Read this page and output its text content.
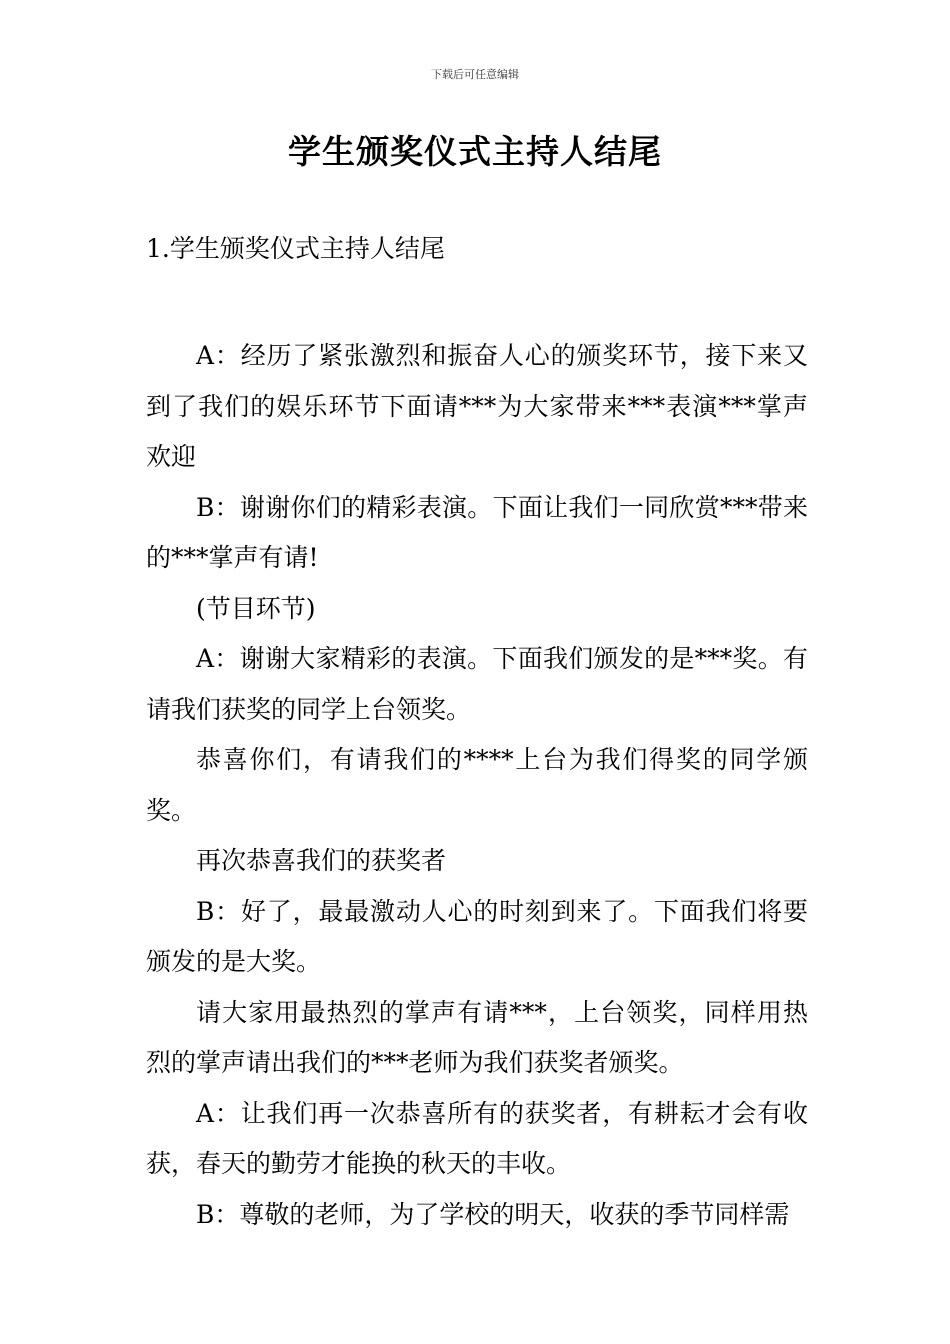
下载后可任意编辑
学生颁奖仪式主持人结尾
1.学生颁奖仪式主持人结尾

A：经历了紧张激烈和振奋人心的颁奖环节，接下来又到了我们的娱乐环节下面请***为大家带来***表演***掌声欢迎

B：谢谢你们的精彩表演。下面让我们一同欣赏***带来的***掌声有请!

(节目环节)

A：谢谢大家精彩的表演。下面我们颁发的是***奖。有请我们获奖的同学上台领奖。

恭喜你们，有请我们的****上台为我们得奖的同学颁奖。

再次恭喜我们的获奖者

B：好了，最最激动人心的时刻到来了。下面我们将要颁发的是大奖。

请大家用最热烈的掌声有请***，上台领奖，同样用热烈的掌声请出我们的***老师为我们获奖者颁奖。

A：让我们再一次恭喜所有的获奖者，有耕耘才会有收获，春天的勤劳才能换的秋天的丰收。

B：尊敬的老师，为了学校的明天，收获的季节同样需
